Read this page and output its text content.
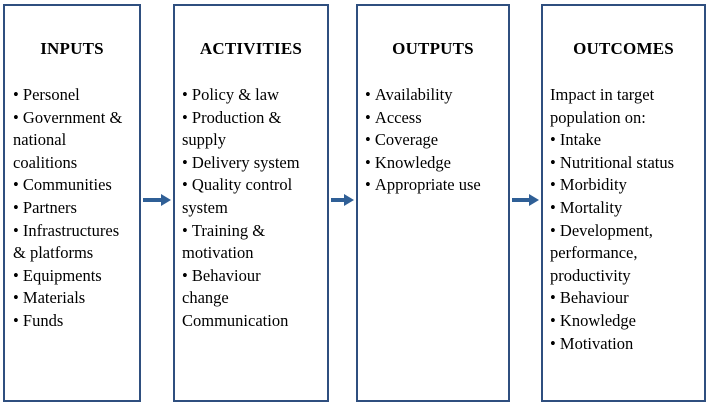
INPUTS
• Personel
• Government &
national
coalitions
• Communities
• Partners
• Infrastructures
& platforms
• Equipments
• Materials
• Funds
ACTIVITIES
• Policy & law
• Production &
supply
• Delivery system
• Quality control
system
• Training &
motivation
• Behaviour
change
Communication
OUTPUTS
• Availability
• Access
• Coverage
• Knowledge
• Appropriate use
OUTCOMES
Impact in target
population on:
• Intake
• Nutritional status
• Morbidity
• Mortality
• Development,
performance,
productivity
• Behaviour
• Knowledge
• Motivation
